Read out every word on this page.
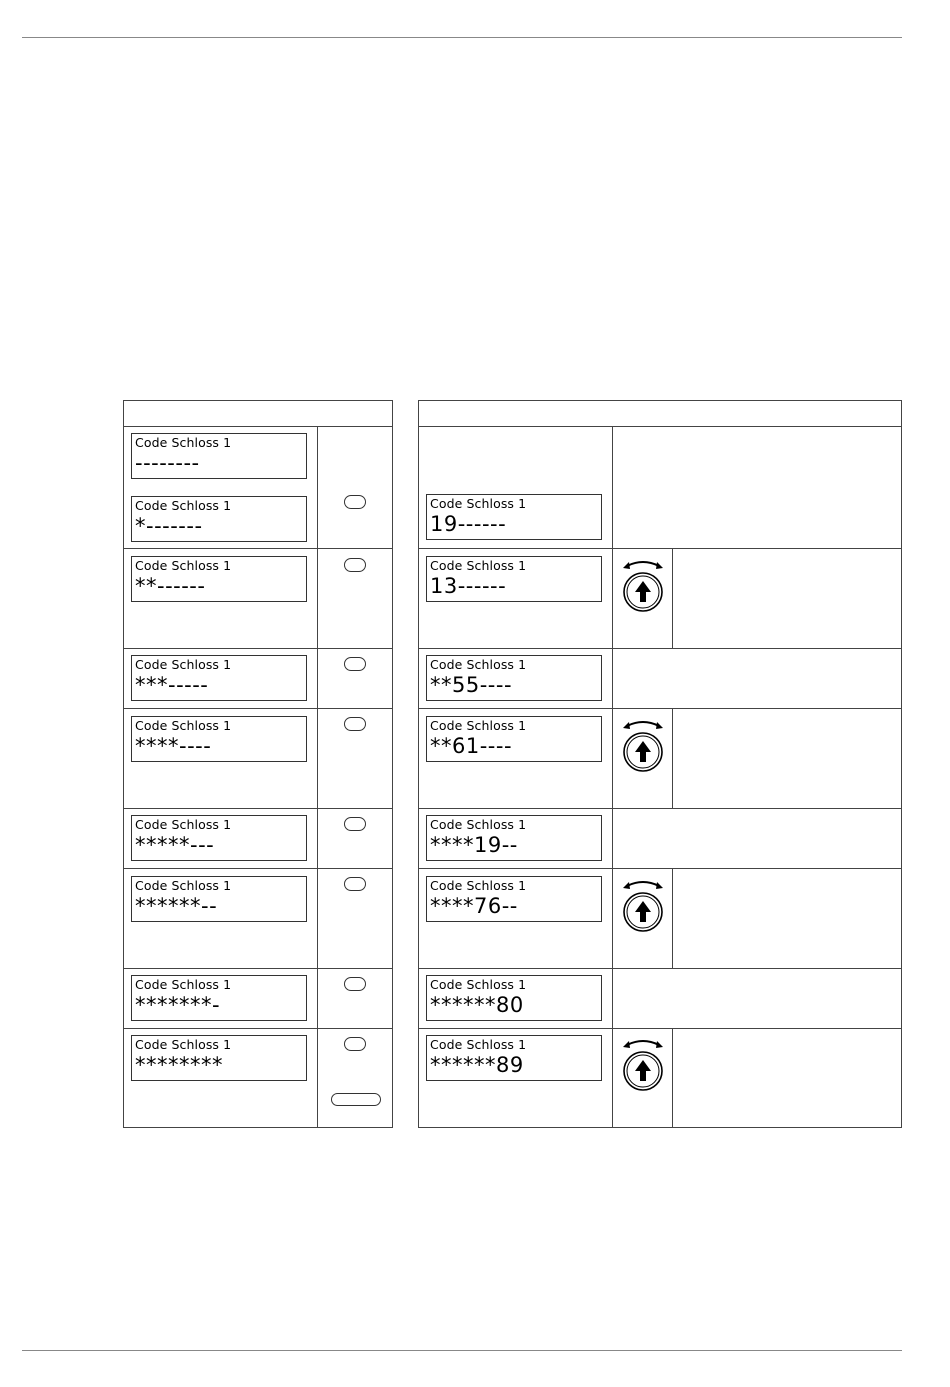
Code Schloss 1
--------
Code Schloss 1
*-------
Code Schloss 1
**------
Code Schloss 1
***-----
Code Schloss 1
****----
Code Schloss 1
*****---
Code Schloss 1
******--
Code Schloss 1
*******-
Code Schloss 1
********
Code Schloss 1
19------
Code Schloss 1
13------
Code Schloss 1
**55----
Code Schloss 1
**61----
Code Schloss 1
****19--
Code Schloss 1
****76--
Code Schloss 1
******80
Code Schloss 1
******89
